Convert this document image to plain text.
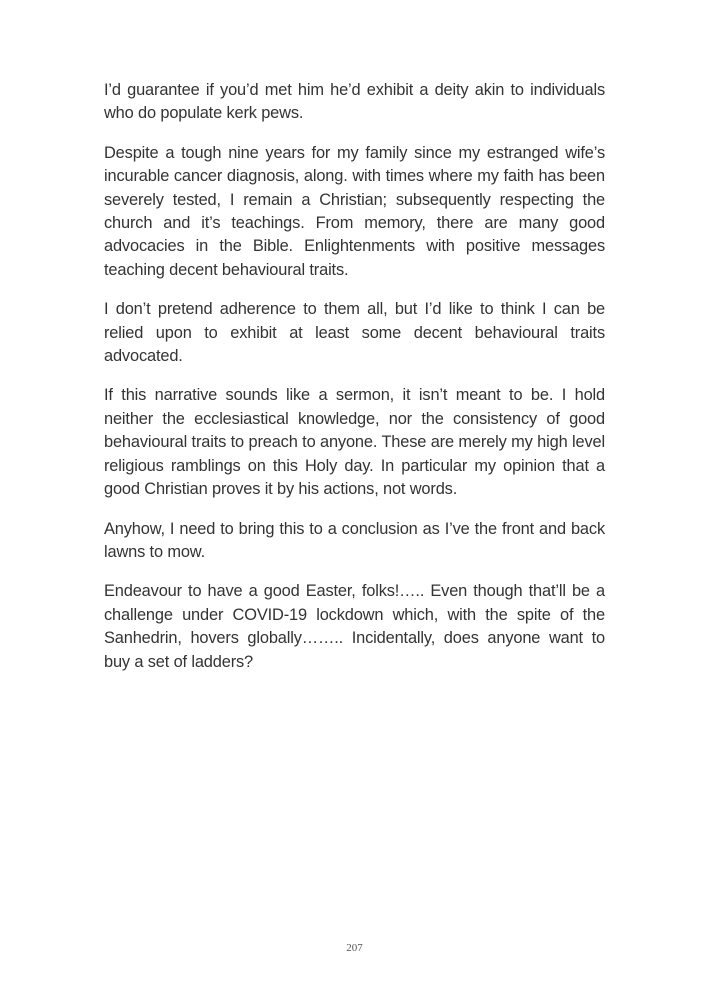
I’d guarantee if you’d met him he’d exhibit a deity akin to individuals who do populate kerk pews.

Despite a tough nine years for my family since my estranged wife’s incurable cancer diagnosis, along. with times where my faith has been severely tested, I remain a Christian; subsequently respecting the church and it’s teachings. From memory, there are many good advocacies in the Bible. Enlightenments with positive messages teaching decent behavioural traits.

I don’t pretend adherence to them all, but I’d like to think I can be relied upon to exhibit at least some decent behavioural traits advocated.

If this narrative sounds like a sermon, it isn’t meant to be. I hold neither the ecclesiastical knowledge, nor the consistency of good behavioural traits to preach to anyone. These are merely my high level religious ramblings on this Holy day. In particular my opinion that a good Christian proves it by his actions, not words.

Anyhow, I need to bring this to a conclusion as I’ve the front and back lawns to mow.

Endeavour to have a good Easter, folks!….. Even though that’ll be a challenge under COVID-19 lockdown which, with the spite of the Sanhedrin, hovers globally…….. Incidentally, does anyone want to buy a set of ladders?

207
